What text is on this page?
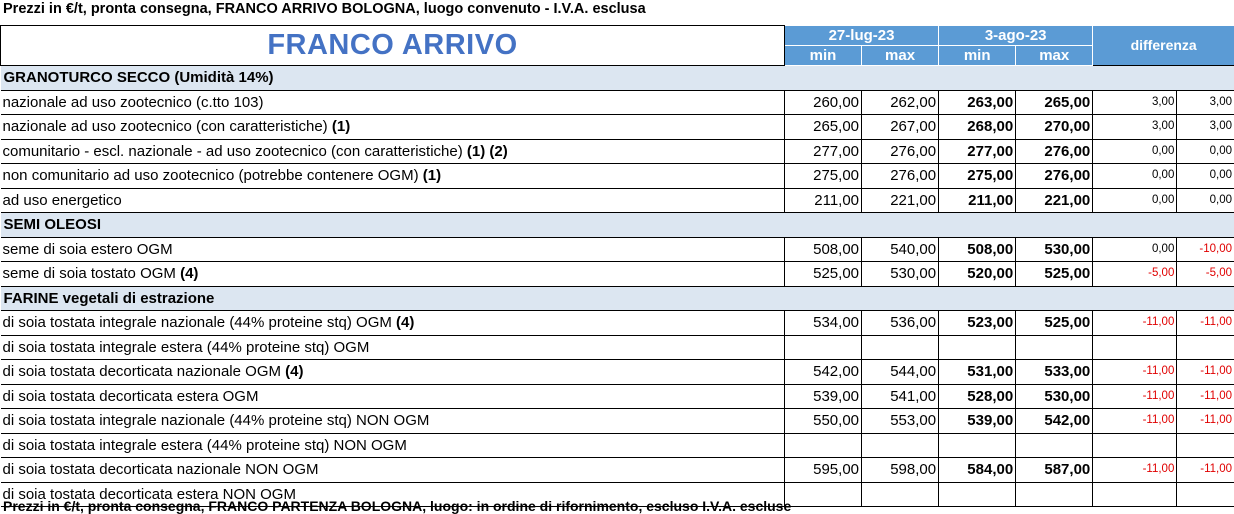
Prezzi in €/t, pronta consegna, FRANCO ARRIVO BOLOGNA, luogo convenuto - I.V.A. esclusa
FRANCO ARRIVO	27-lug-23		3-ago-23		differenza	
	min	max	min	max		
GRANOTURCO SECCO (Umidità 14%)						
nazionale ad uso zootecnico (c.tto 103)	260,00	262,00	263,00	265,00	3,00	3,00
nazionale ad uso zootecnico (con caratteristiche) (1)	265,00	267,00	268,00	270,00	3,00	3,00
comunitario - escl. nazionale - ad uso zootecnico (con caratteristiche) (1) (2)	277,00	276,00	277,00	276,00	0,00	0,00
non comunitario ad uso zootecnico (potrebbe contenere OGM) (1)	275,00	276,00	275,00	276,00	0,00	0,00
ad uso energetico	211,00	221,00	211,00	221,00	0,00	0,00
SEMI OLEOSI						
seme di soia estero OGM	508,00	540,00	508,00	530,00	0,00	-10,00
seme di soia tostato OGM (4)	525,00	530,00	520,00	525,00	-5,00	-5,00
FARINE vegetali di estrazione						
di soia tostata integrale nazionale (44% proteine stq) OGM (4)	534,00	536,00	523,00	525,00	-11,00	-11,00
di soia tostata integrale estera (44% proteine stq) OGM						
di soia tostata decorticata nazionale OGM (4)	542,00	544,00	531,00	533,00	-11,00	-11,00
di soia tostata decorticata estera OGM	539,00	541,00	528,00	530,00	-11,00	-11,00
di soia tostata integrale nazionale (44% proteine stq) NON OGM	550,00	553,00	539,00	542,00	-11,00	-11,00
di soia tostata integrale estera (44% proteine stq) NON OGM						
di soia tostata decorticata nazionale NON OGM	595,00	598,00	584,00	587,00	-11,00	-11,00
di soia tostata decorticata estera NON OGM						
Prezzi in €/t, pronta consegna, FRANCO PARTENZA BOLOGNA, luogo: in ordine di rifornimento, escluso I.V.A. escluse
